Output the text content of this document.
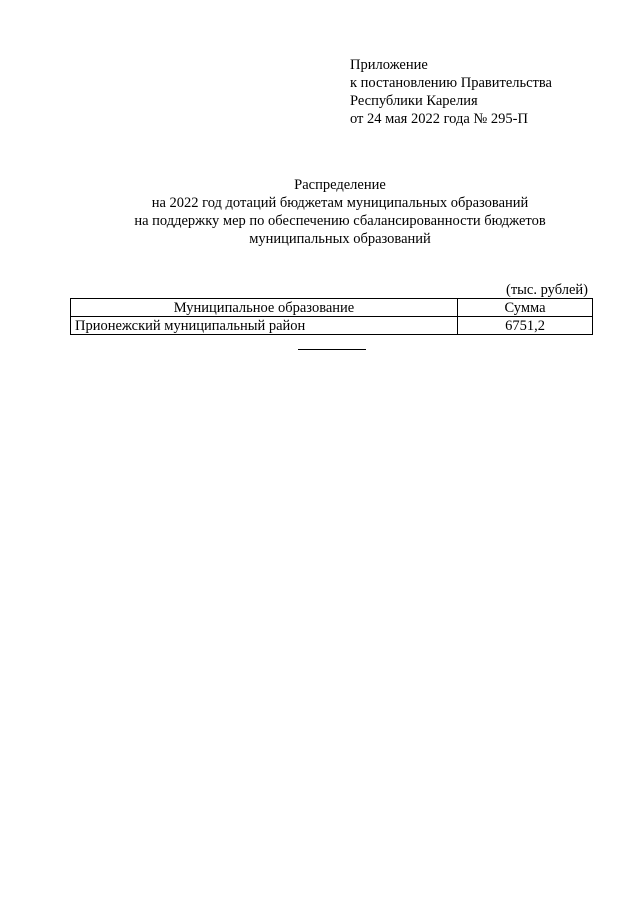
Приложение
к постановлению Правительства
Республики Карелия
от 24 мая 2022 года № 295-П
Распределение
на 2022 год дотаций бюджетам муниципальных образований
на поддержку мер по обеспечению сбалансированности бюджетов
муниципальных образований
(тыс. рублей)
Муниципальное образование	Сумма
Прионежский муниципальный район	6751,2
